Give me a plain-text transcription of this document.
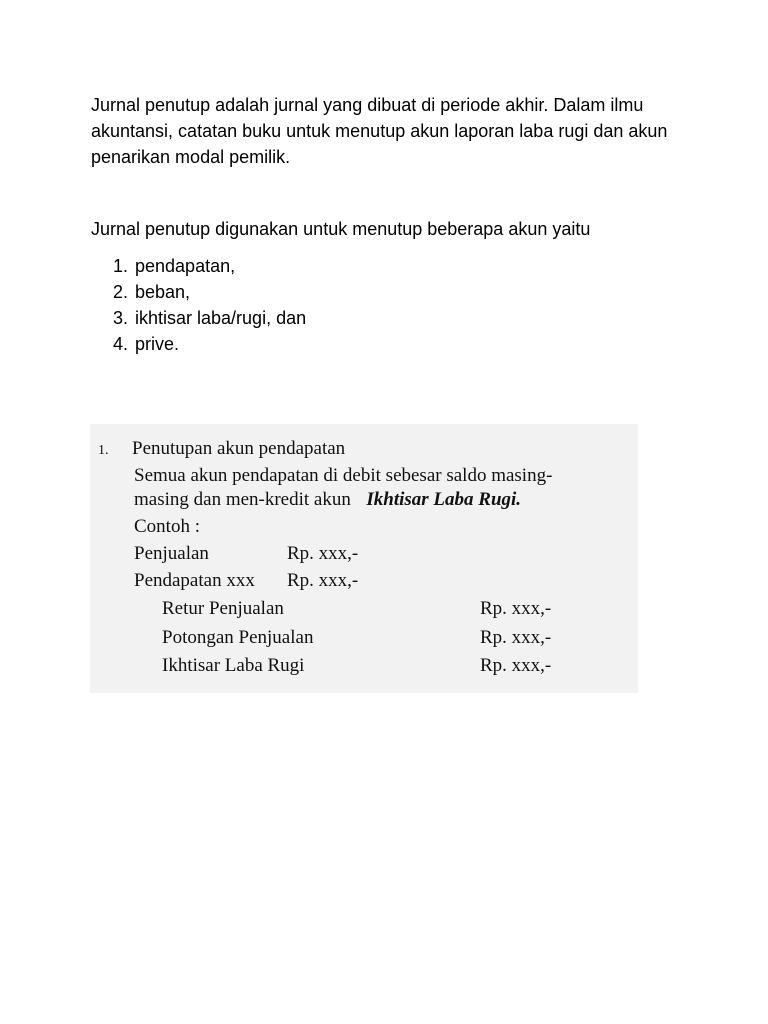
Jurnal penutup adalah jurnal yang dibuat di periode akhir. Dalam ilmu akuntansi, catatan buku untuk menutup akun laporan laba rugi dan akun penarikan modal pemilik.

Jurnal penutup digunakan untuk menutup beberapa akun yaitu

1. pendapatan,
2. beban,
3. ikhtisar laba/rugi, dan
4. prive.
1. Penutupan akun pendapatan
Semua akun pendapatan di debit sebesar saldo masing-
masing dan men-kredit akun Ikhtisar Laba Rugi.
Contoh :
Penjualan	Rp. xxx,-
Pendapatan xxx Rp. xxx,-
Retur Penjualan	Rp. xxx,-
Potongan Penjualan	Rp. xxx,-
Ikhtisar Laba Rugi	Rp. xxx,-
